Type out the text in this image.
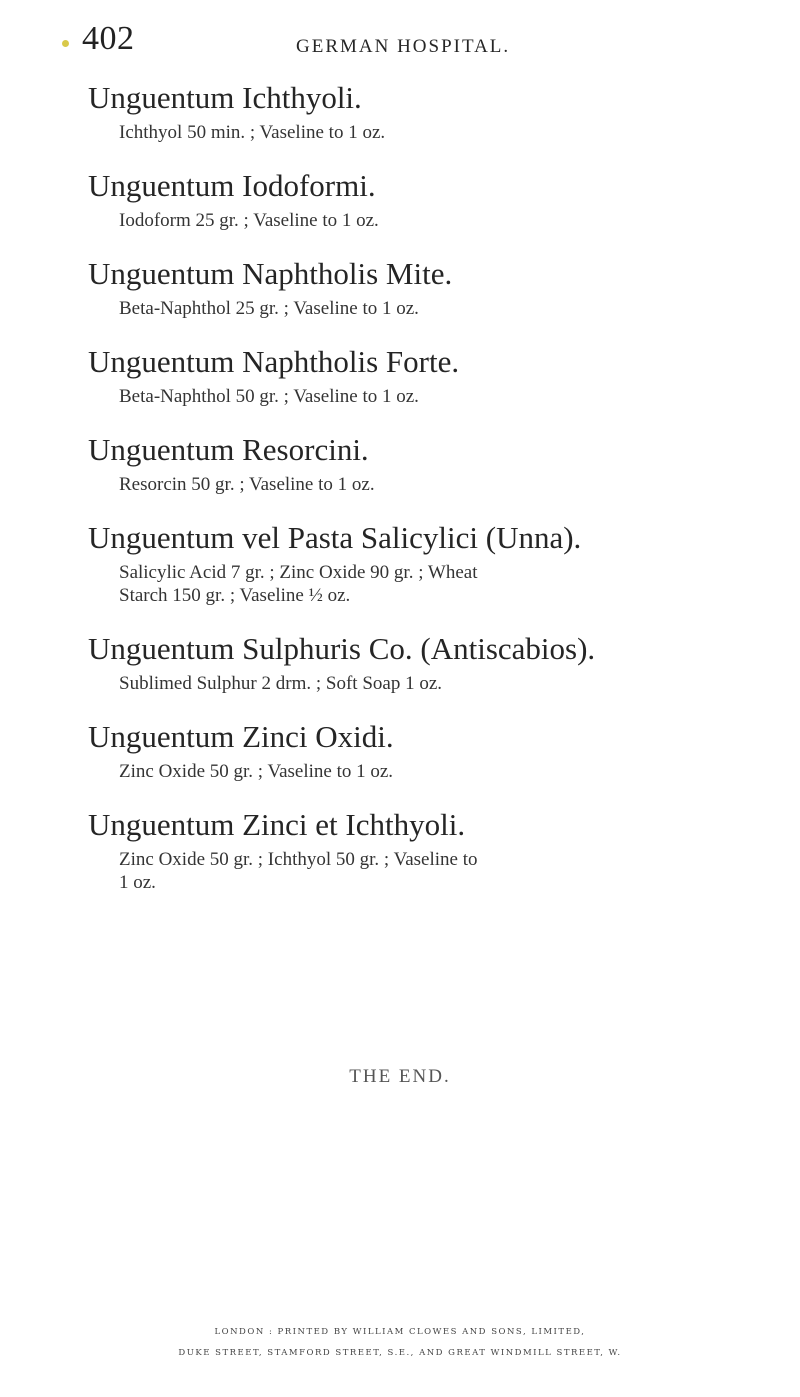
402	GERMAN HOSPITAL.
Unguentum Ichthyoli.
Ichthyol 50 min. ; Vaseline to 1 oz.
Unguentum Iodoformi.
Iodoform 25 gr. ; Vaseline to 1 oz.
Unguentum Naphtholis Mite.
Beta-Naphthol 25 gr. ; Vaseline to 1 oz.
Unguentum Naphtholis Forte.
Beta-Naphthol 50 gr. ; Vaseline to 1 oz.
Unguentum Resorcini.
Resorcin 50 gr. ; Vaseline to 1 oz.
Unguentum vel Pasta Salicylici (Unna).
Salicylic Acid 7 gr. ; Zinc Oxide 90 gr. ; Wheat
Starch 150 gr. ; Vaseline ½ oz.
Unguentum Sulphuris Co. (Antiscabios).
Sublimed Sulphur 2 drm. ; Soft Soap 1 oz.
Unguentum Zinci Oxidi.
Zinc Oxide 50 gr. ; Vaseline to 1 oz.
Unguentum Zinci et Ichthyoli.
Zinc Oxide 50 gr. ; Ichthyol 50 gr. ; Vaseline to
1 oz.
THE END.
LONDON : PRINTED BY WILLIAM CLOWES AND SONS, LIMITED,
DUKE STREET, STAMFORD STREET, S.E., AND GREAT WINDMILL STREET, W.
